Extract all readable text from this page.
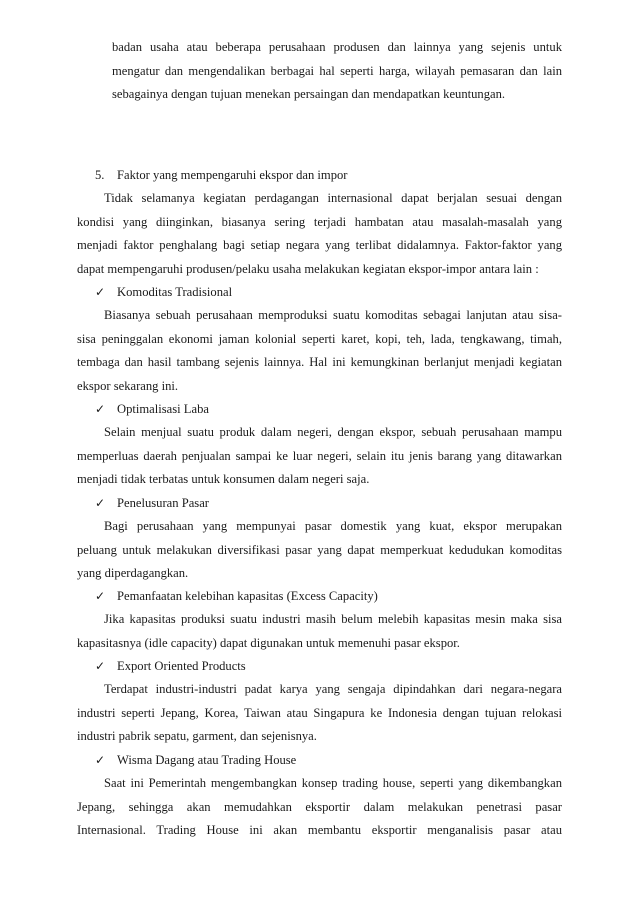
badan usaha atau beberapa perusahaan produsen dan lainnya yang sejenis untuk
mengatur dan mengendalikan berbagai hal seperti harga, wilayah pemasaran dan lain
sebagainya dengan tujuan menekan persaingan dan mendapatkan keuntungan.
5. Faktor yang mempengaruhi ekspor dan impor

Tidak selamanya kegiatan perdagangan internasional dapat berjalan sesuai dengan

kondisi yang diinginkan, biasanya sering terjadi hambatan atau masalah-masalah yang
menjadi faktor penghalang bagi setiap negara yang terlibat didalamnya. Faktor-faktor yang
dapat mempengaruhi produsen/pelaku usaha melakukan kegiatan ekspor-impor antara lain :
✓ Komoditas Tradisional

Biasanya sebuah perusahaan memproduksi suatu komoditas sebagai lanjutan atau sisa-

sisa peninggalan ekonomi jaman kolonial seperti karet, kopi, teh, lada, tengkawang, timah,
tembaga dan hasil tambang sejenis lainnya. Hal ini kemungkinan berlanjut menjadi kegiatan
ekspor sekarang ini.
✓ Optimalisasi Laba

Selain menjual suatu produk dalam negeri, dengan ekspor, sebuah perusahaan mampu

memperluas daerah penjualan sampai ke luar negeri, selain itu jenis barang yang ditawarkan
menjadi tidak terbatas untuk konsumen dalam negeri saja.
✓ Penelusuran Pasar

Bagi perusahaan yang mempunyai pasar domestik yang kuat, ekspor merupakan

peluang untuk melakukan diversifikasi pasar yang dapat memperkuat kedudukan komoditas
yang diperdagangkan.
✓ Pemanfaatan kelebihan kapasitas (Excess Capacity)

Jika kapasitas produksi suatu industri masih belum melebih kapasitas mesin maka sisa

kapasitasnya (idle capacity) dapat digunakan untuk memenuhi pasar ekspor.
✓ Export Oriented Products

Terdapat industri-industri padat karya yang sengaja dipindahkan dari negara-negara

industri seperti Jepang, Korea, Taiwan atau Singapura ke Indonesia dengan tujuan relokasi
industri pabrik sepatu, garment, dan sejenisnya.
✓ Wisma Dagang atau Trading House

Saat ini Pemerintah mengembangkan konsep trading house, seperti yang dikembangkan

Jepang, sehingga akan memudahkan eksportir dalam melakukan penetrasi pasar
Internasional. Trading House ini akan membantu eksportir menganalisis pasar atau
